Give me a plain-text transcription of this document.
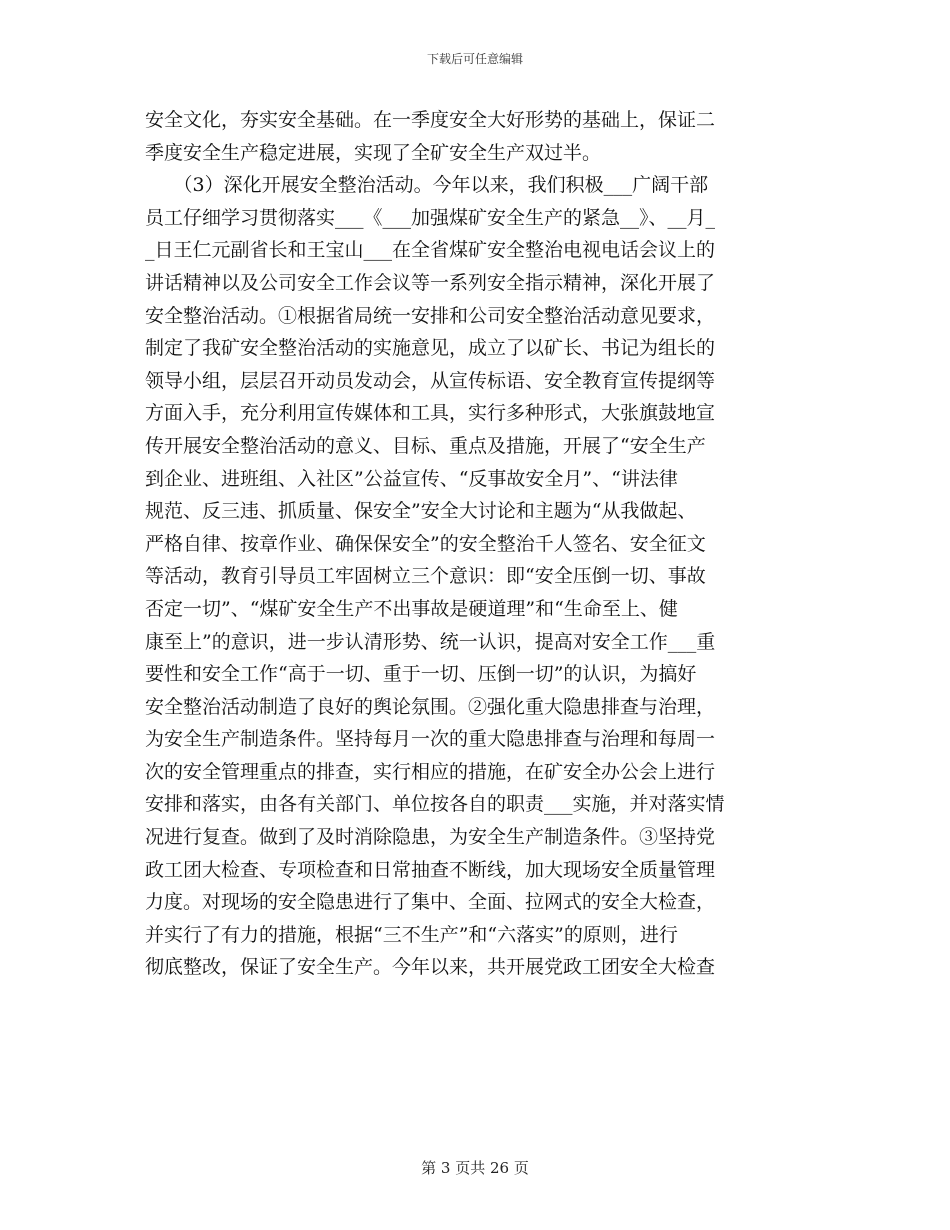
下载后可任意编辑
安全文化，夯实安全基础。在一季度安全大好形势的基础上，保证二
季度安全生产稳定进展，实现了全矿安全生产双过半。
　　（3）深化开展安全整治活动。今年以来，我们积极___广阔干部
员工仔细学习贯彻落实___《___加强煤矿安全生产的紧急__》、__月_
_日王仁元副省长和王宝山___在全省煤矿安全整治电视电话会议上的
讲话精神以及公司安全工作会议等一系列安全指示精神，深化开展了
安全整治活动。①根据省局统一安排和公司安全整治活动意见要求，
制定了我矿安全整治活动的实施意见，成立了以矿长、书记为组长的
领导小组，层层召开动员发动会，从宣传标语、安全教育宣传提纲等
方面入手，充分利用宣传媒体和工具，实行多种形式，大张旗鼓地宣
传开展安全整治活动的意义、目标、重点及措施，开展了“安全生产
到企业、进班组、入社区”公益宣传、“反事故安全月”、“讲法律
规范、反三违、抓质量、保安全”安全大讨论和主题为“从我做起、
严格自律、按章作业、确保保安全”的安全整治千人签名、安全征文
等活动，教育引导员工牢固树立三个意识：即“安全压倒一切、事故
否定一切”、“煤矿安全生产不出事故是硬道理”和“生命至上、健
康至上”的意识，进一步认清形势、统一认识，提高对安全工作___重
要性和安全工作“高于一切、重于一切、压倒一切”的认识，为搞好
安全整治活动制造了良好的舆论氛围。②强化重大隐患排查与治理，
为安全生产制造条件。坚持每月一次的重大隐患排查与治理和每周一
次的安全管理重点的排查，实行相应的措施，在矿安全办公会上进行
安排和落实，由各有关部门、单位按各自的职责___实施，并对落实情
况进行复查。做到了及时消除隐患，为安全生产制造条件。③坚持党
政工团大检查、专项检查和日常抽查不断线，加大现场安全质量管理
力度。对现场的安全隐患进行了集中、全面、拉网式的安全大检查，
并实行了有力的措施，根据“三不生产”和“六落实”的原则，进行
彻底整改，保证了安全生产。今年以来，共开展党政工团安全大检查
第 3 页共 26 页
